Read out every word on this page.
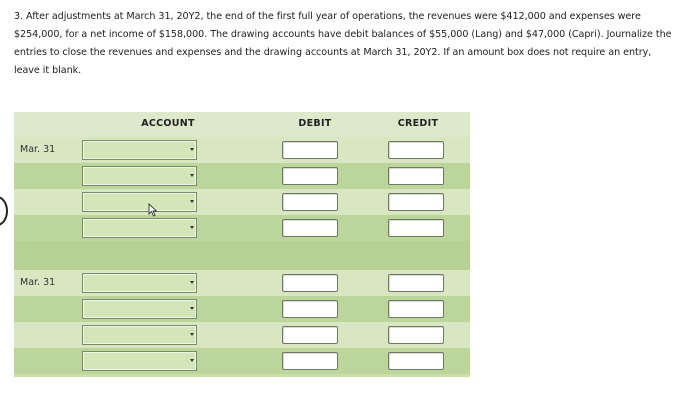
3. After adjustments at March 31, 20Y2, the end of the first full year of operations, the revenues were $412,000 and expenses were
$254,000, for a net income of $158,000. The drawing accounts have debit balances of $55,000 (Lang) and $47,000 (Capri). Journalize the
entries to close the revenues and expenses and the drawing accounts at March 31, 20Y2. If an amount box does not require an entry,
leave it blank.
ACCOUNT	DEBIT	CREDIT
Mar. 31
Mar. 31
